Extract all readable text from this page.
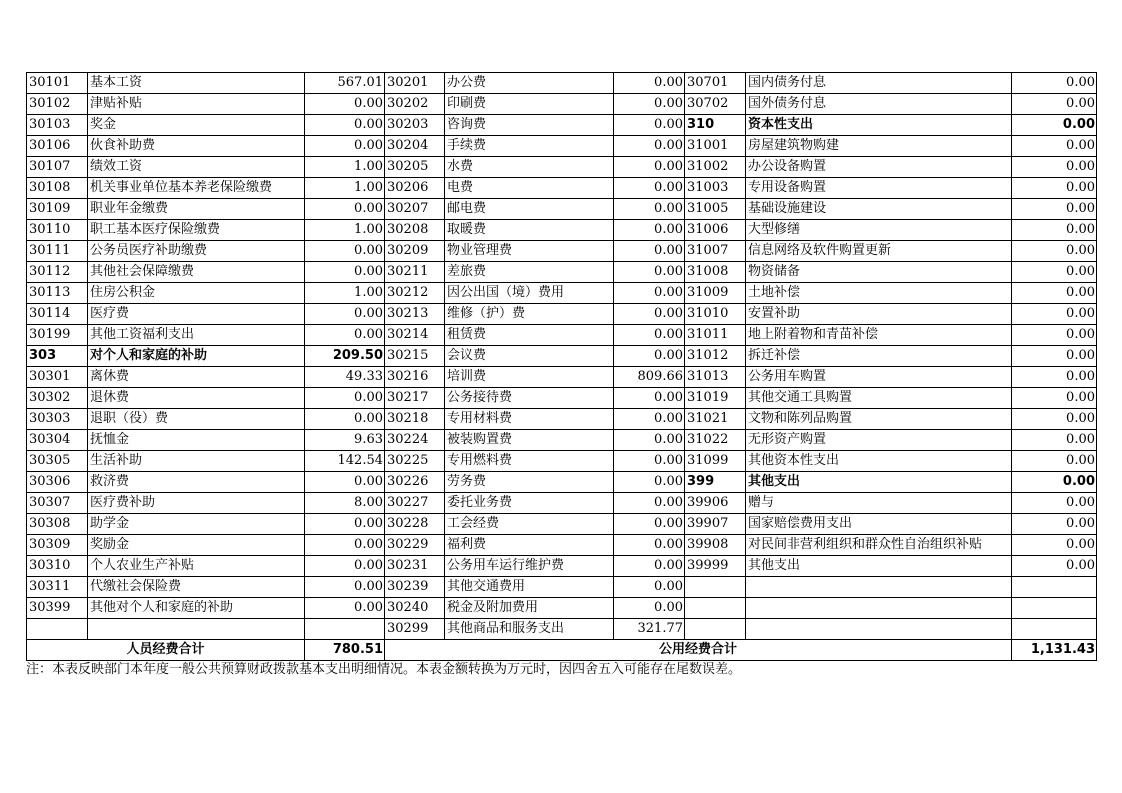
30101	基本工资	567.01	30201	办公费	0.00	30701	国内债务付息	0.00
30102	津贴补贴	0.00	30202	印刷费	0.00	30702	国外债务付息	0.00
30103	奖金	0.00	30203	咨询费	0.00	310	资本性支出	0.00
30106	伙食补助费	0.00	30204	手续费	0.00	31001	房屋建筑物购建	0.00
30107	绩效工资	1.00	30205	水费	0.00	31002	办公设备购置	0.00
30108	机关事业单位基本养老保险缴费	1.00	30206	电费	0.00	31003	专用设备购置	0.00
30109	职业年金缴费	0.00	30207	邮电费	0.00	31005	基础设施建设	0.00
30110	职工基本医疗保险缴费	1.00	30208	取暖费	0.00	31006	大型修缮	0.00
30111	公务员医疗补助缴费	0.00	30209	物业管理费	0.00	31007	信息网络及软件购置更新	0.00
30112	其他社会保障缴费	0.00	30211	差旅费	0.00	31008	物资储备	0.00
30113	住房公积金	1.00	30212	因公出国（境）费用	0.00	31009	土地补偿	0.00
30114	医疗费	0.00	30213	维修（护）费	0.00	31010	安置补助	0.00
30199	其他工资福利支出	0.00	30214	租赁费	0.00	31011	地上附着物和青苗补偿	0.00
303	对个人和家庭的补助	209.50	30215	会议费	0.00	31012	拆迁补偿	0.00
30301	离休费	49.33	30216	培训费	809.66	31013	公务用车购置	0.00
30302	退休费	0.00	30217	公务接待费	0.00	31019	其他交通工具购置	0.00
30303	退职（役）费	0.00	30218	专用材料费	0.00	31021	文物和陈列品购置	0.00
30304	抚恤金	9.63	30224	被装购置费	0.00	31022	无形资产购置	0.00
30305	生活补助	142.54	30225	专用燃料费	0.00	31099	其他资本性支出	0.00
30306	救济费	0.00	30226	劳务费	0.00	399	其他支出	0.00
30307	医疗费补助	8.00	30227	委托业务费	0.00	39906	赠与	0.00
30308	助学金	0.00	30228	工会经费	0.00	39907	国家赔偿费用支出	0.00
30309	奖励金	0.00	30229	福利费	0.00	39908	对民间非营利组织和群众性自治组织补贴	0.00
30310	个人农业生产补贴	0.00	30231	公务用车运行维护费	0.00	39999	其他支出	0.00
30311	代缴社会保险费	0.00	30239	其他交通费用	0.00			
30399	其他对个人和家庭的补助	0.00	30240	税金及附加费用	0.00			
			30299	其他商品和服务支出	321.77			
人员经费合计		780.51	公用经费合计					1,131.43
注：本表反映部门本年度一般公共预算财政拨款基本支出明细情况。本表金额转换为万元时，因四舍五入可能存在尾数误差。
